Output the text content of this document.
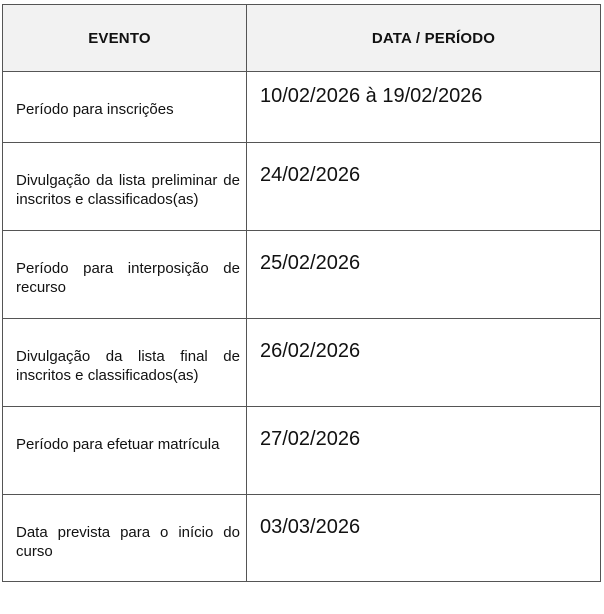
EVENTO	DATA / PERÍODO

Período para inscrições	10/02/2026 à 19/02/2026

Divulgação da lista preliminar de inscritos e classificados(as)	24/02/2026

Período para interposição de recurso	25/02/2026

Divulgação da lista final de inscritos e classificados(as)	26/02/2026

Período para efetuar matrícula	27/02/2026

Data prevista para o início do curso	03/03/2026
